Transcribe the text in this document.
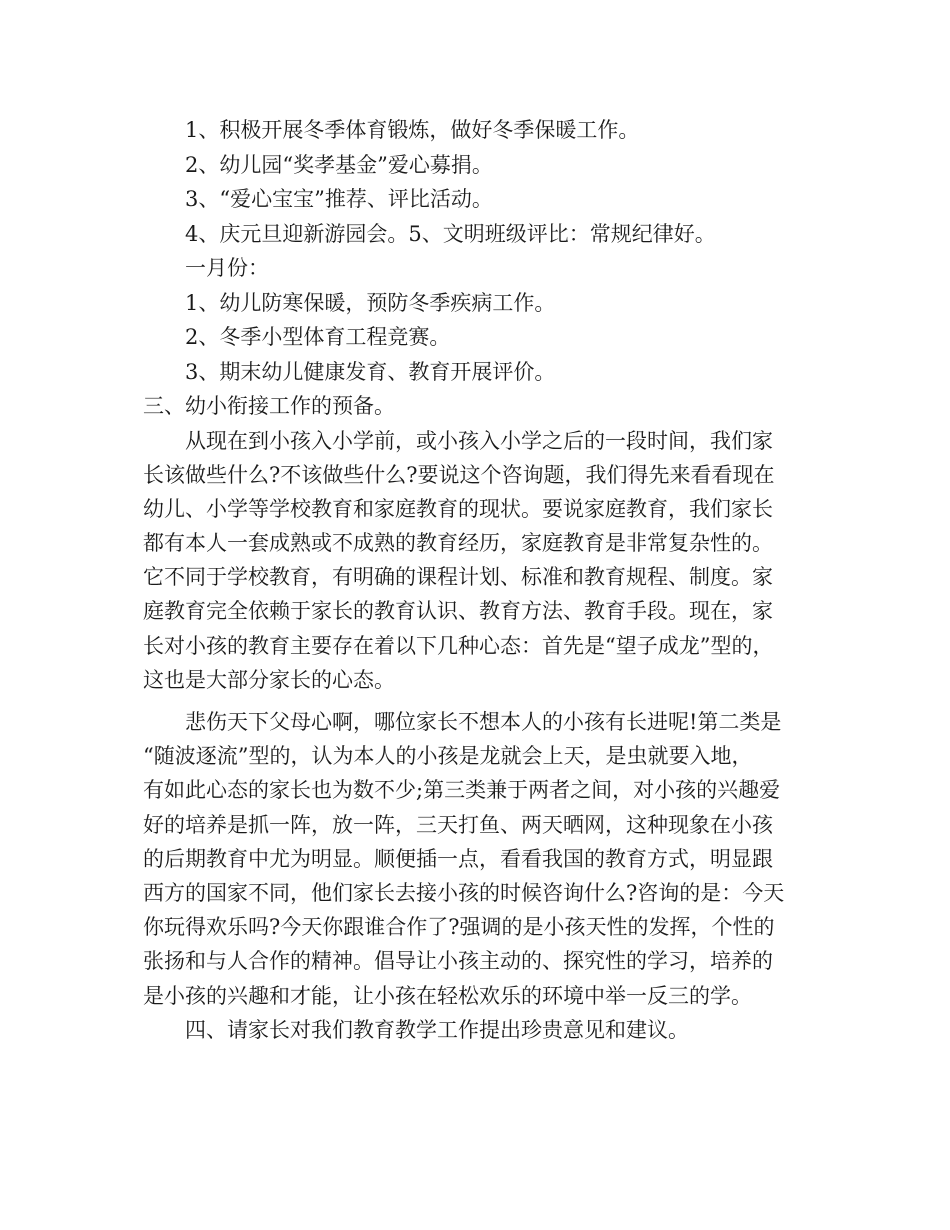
1、积极开展冬季体育锻炼，做好冬季保暖工作。
2、幼儿园“奖孝基金”爱心募捐。
3、“爱心宝宝”推荐、评比活动。
4、庆元旦迎新游园会。5、文明班级评比：常规纪律好。
一月份：
1、幼儿防寒保暖，预防冬季疾病工作。
2、冬季小型体育工程竞赛。
3、期末幼儿健康发育、教育开展评价。
三、幼小衔接工作的预备。
　　从现在到小孩入小学前，或小孩入小学之后的一段时间，我们家
长该做些什么?不该做些什么?要说这个咨询题，我们得先来看看现在
幼儿、小学等学校教育和家庭教育的现状。要说家庭教育，我们家长
都有本人一套成熟或不成熟的教育经历，家庭教育是非常复杂性的。
它不同于学校教育，有明确的课程计划、标准和教育规程、制度。家
庭教育完全依赖于家长的教育认识、教育方法、教育手段。现在，家
长对小孩的教育主要存在着以下几种心态：首先是“望子成龙”型的，
这也是大部分家长的心态。
　　悲伤天下父母心啊，哪位家长不想本人的小孩有长进呢!第二类是
“随波逐流”型的，认为本人的小孩是龙就会上天，是虫就要入地，
有如此心态的家长也为数不少;第三类兼于两者之间，对小孩的兴趣爱
好的培养是抓一阵，放一阵，三天打鱼、两天晒网，这种现象在小孩
的后期教育中尤为明显。顺便插一点，看看我国的教育方式，明显跟
西方的国家不同，他们家长去接小孩的时候咨询什么?咨询的是：今天
你玩得欢乐吗?今天你跟谁合作了?强调的是小孩天性的发挥，个性的
张扬和与人合作的精神。倡导让小孩主动的、探究性的学习，培养的
是小孩的兴趣和才能，让小孩在轻松欢乐的环境中举一反三的学。
　　四、请家长对我们教育教学工作提出珍贵意见和建议。
